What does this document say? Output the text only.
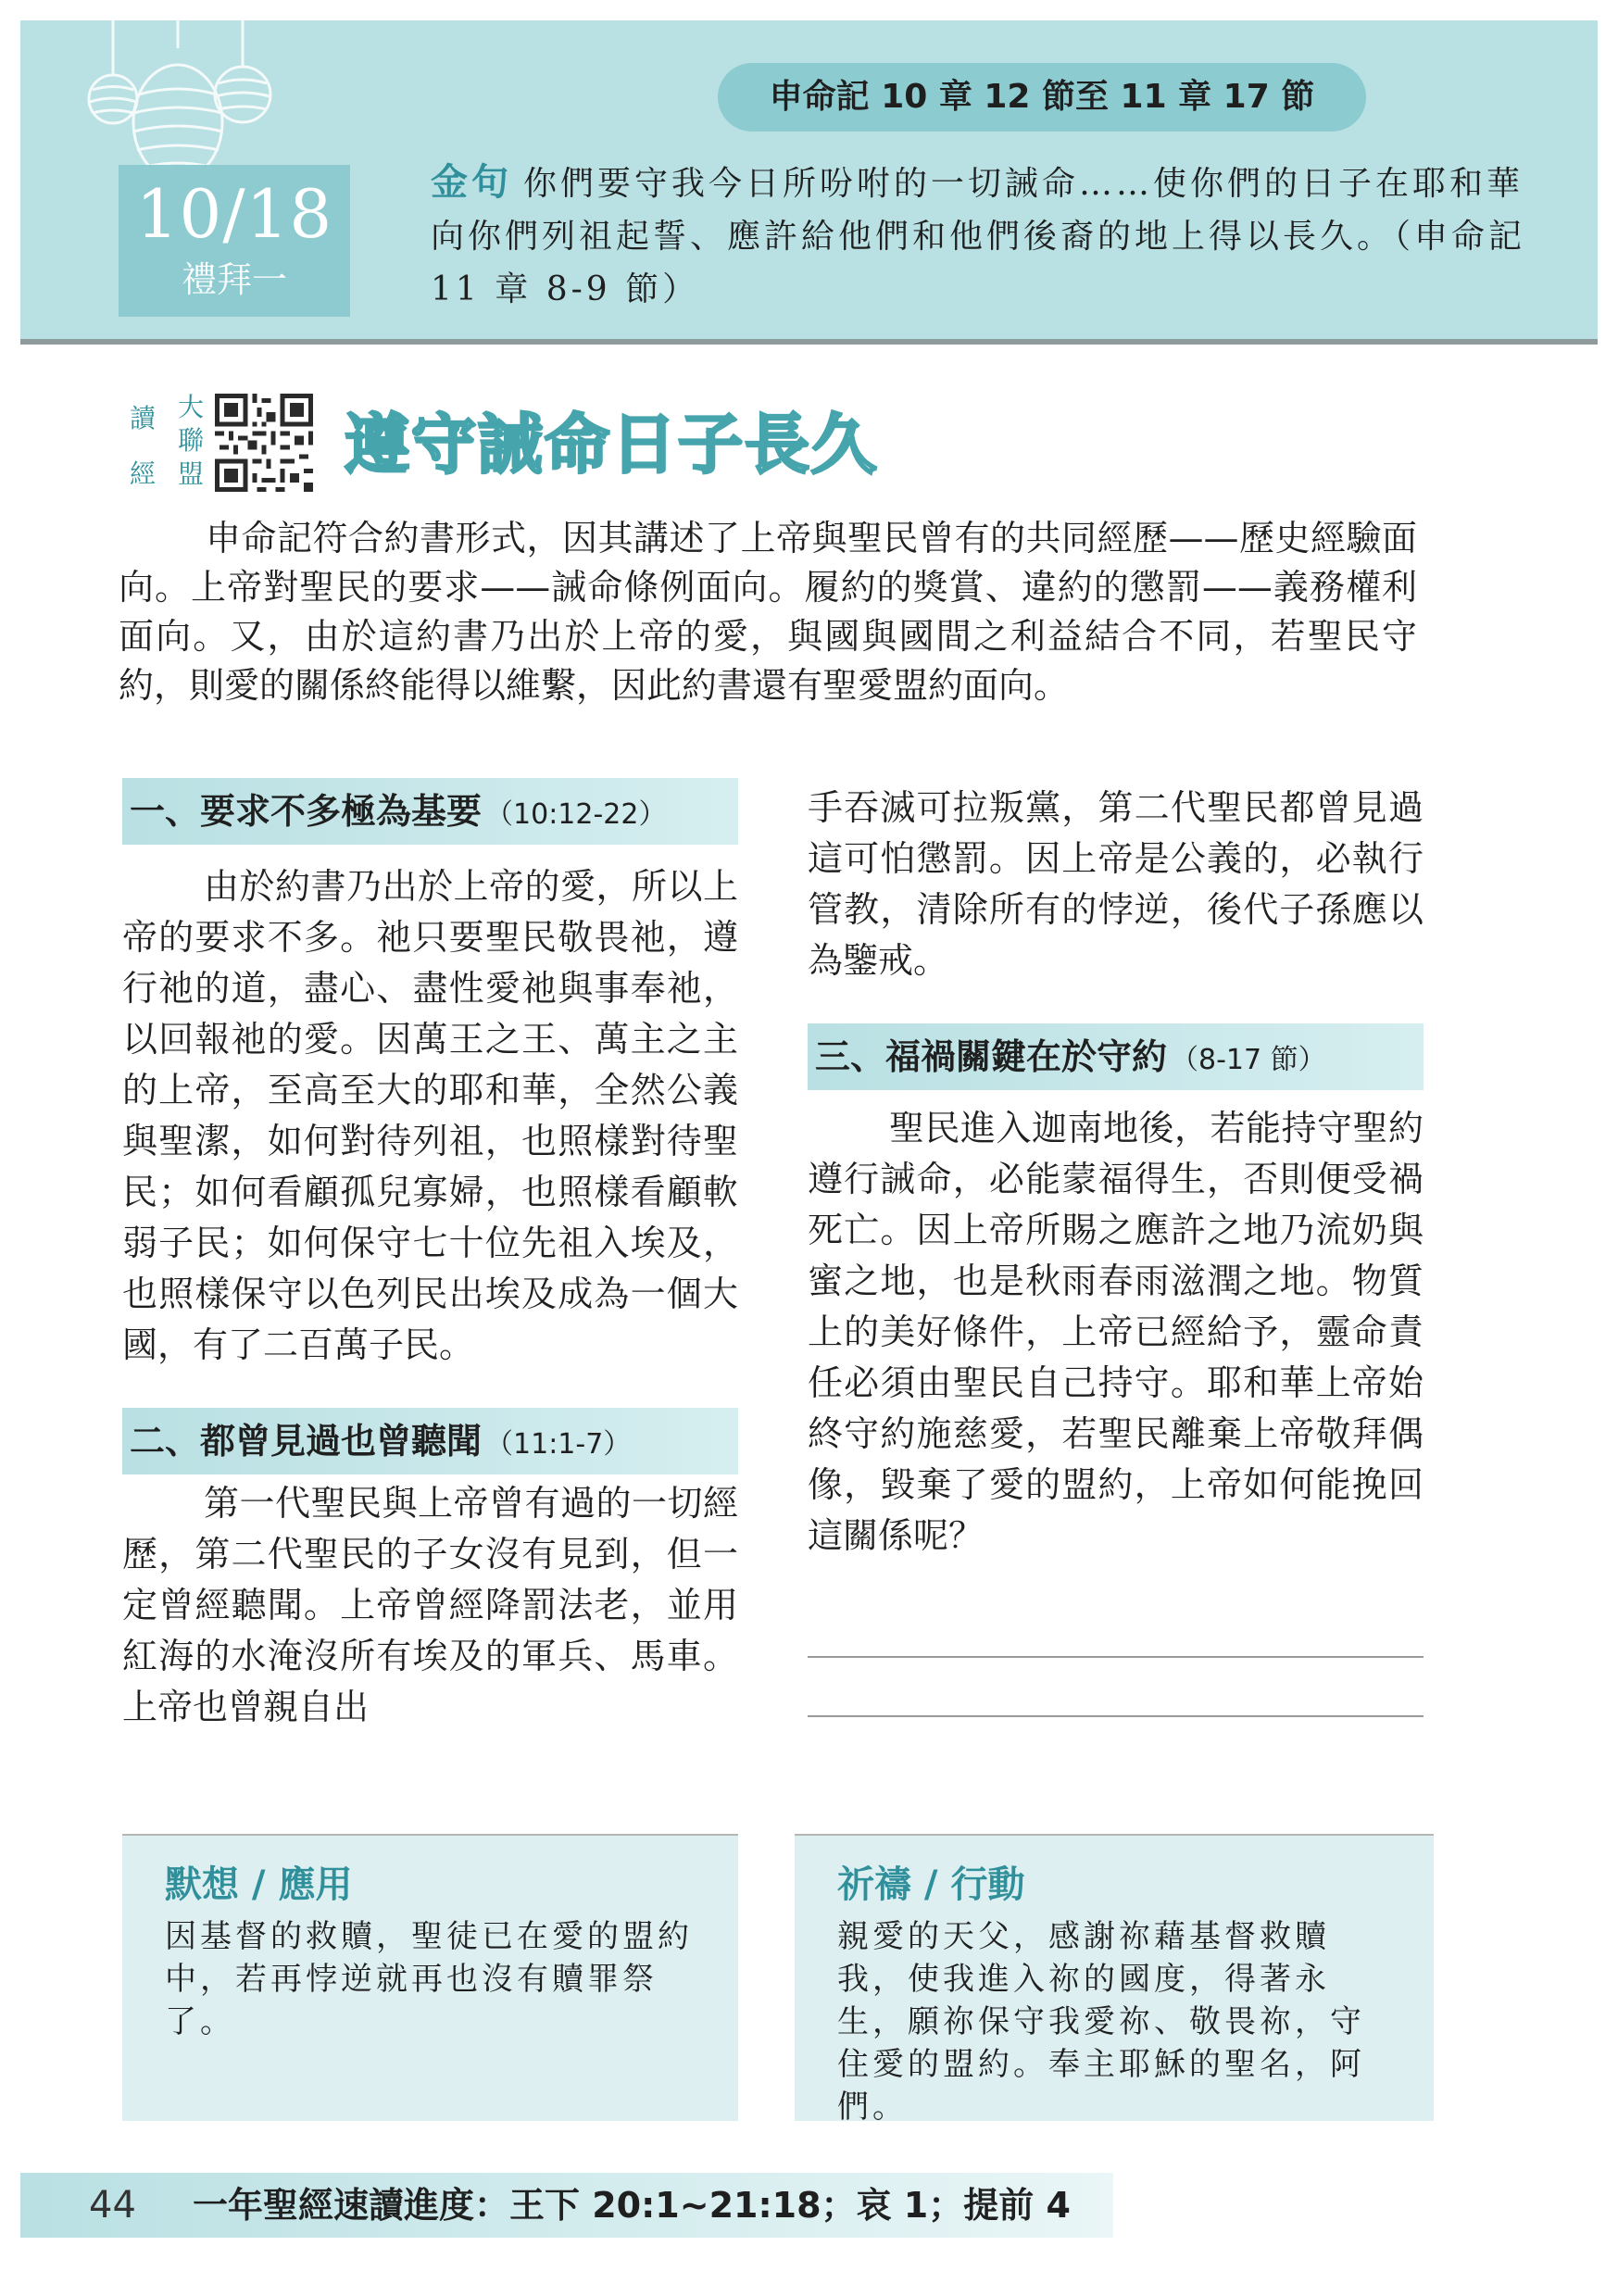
10/18
禮拜一
申命記 10 章 12 節至 11 章 17 節
金句 你們要守我今日所吩咐的一切誡命……使你們的日子在耶和華向你們列祖起誓、應許給他們和他們後裔的地上得以長久。（申命記 11 章 8-9 節）
讀 大
聯
經 盟 遵守誡命日子長久
申命記符合約書形式，因其講述了上帝與聖民曾有的共同經歷——歷史經驗面向。上帝對聖民的要求——誡命條例面向。履約的獎賞、違約的懲罰——義務權利面向。又，由於這約書乃出於上帝的愛，與國與國間之利益結合不同，若聖民守約，則愛的關係終能得以維繫，因此約書還有聖愛盟約面向。
一、要求不多極為基要 （10:12-22）
由於約書乃出於上帝的愛，所以上帝的要求不多。祂只要聖民敬畏祂，遵行祂的道，盡心、盡性愛祂與事奉祂，以回報祂的愛。因萬王之王、萬主之主的上帝，至高至大的耶和華，全然公義與聖潔，如何對待列祖，也照樣對待聖民；如何看顧孤兒寡婦，也照樣看顧軟弱子民；如何保守七十位先祖入埃及，也照樣保守以色列民出埃及成為一個大國，有了二百萬子民。
二、都曾見過也曾聽聞 （11:1-7）
第一代聖民與上帝曾有過的一切經歷，第二代聖民的子女沒有見到，但一定曾經聽聞。上帝曾經降罰法老，並用紅海的水淹沒所有埃及的軍兵、馬車。上帝也曾親自出
手吞滅可拉叛黨，第二代聖民都曾見過這可怕懲罰。因上帝是公義的，必執行管教，清除所有的悖逆，後代子孫應以為鑒戒。
三、福禍關鍵在於守約 （8-17 節）
聖民進入迦南地後，若能持守聖約遵行誡命，必能蒙福得生，否則便受禍死亡。因上帝所賜之應許之地乃流奶與蜜之地，也是秋雨春雨滋潤之地。物質上的美好條件，上帝已經給予，靈命責任必須由聖民自己持守。耶和華上帝始終守約施慈愛，若聖民離棄上帝敬拜偶像，毀棄了愛的盟約，上帝如何能挽回這關係呢？
默想 / 應用
因基督的救贖，聖徒已在愛的盟約中，若再悖逆就再也沒有贖罪祭了。
祈禱 / 行動
親愛的天父，感謝祢藉基督救贖我，使我進入祢的國度，得著永生，願祢保守我愛祢、敬畏祢，守住愛的盟約。奉主耶穌的聖名，阿們。
44 一年聖經速讀進度：王下 20:1~21:18；哀 1；提前 4
